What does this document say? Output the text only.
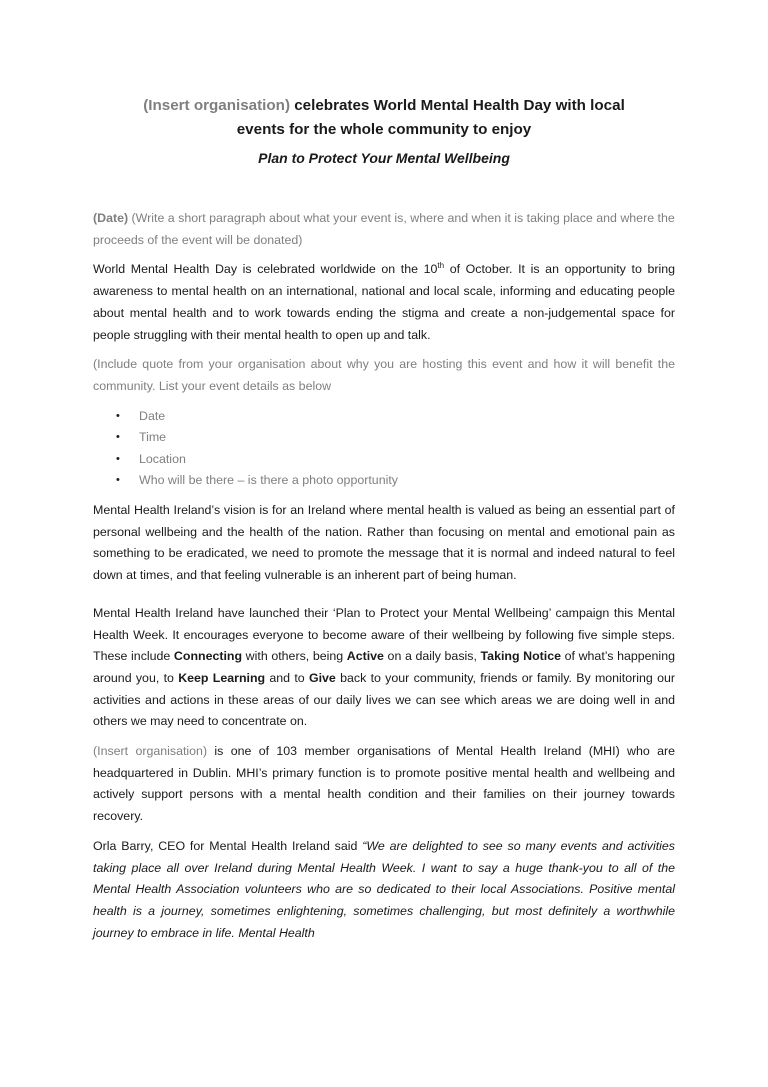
(Insert organisation) celebrates World Mental Health Day with local
events for the whole community to enjoy
Plan to Protect Your Mental Wellbeing

(Date) (Write a short paragraph about what your event is, where and when it is taking place and where the proceeds of the event will be donated)

World Mental Health Day is celebrated worldwide on the 10th of October. It is an opportunity to bring awareness to mental health on an international, national and local scale, informing and educating people about mental health and to work towards ending the stigma and create a non-judgemental space for people struggling with their mental health to open up and talk.

(Include quote from your organisation about why you are hosting this event and how it will benefit the community. List your event details as below

• Date
• Time
• Location
• Who will be there – is there a photo opportunity

Mental Health Ireland’s vision is for an Ireland where mental health is valued as being an essential part of personal wellbeing and the health of the nation. Rather than focusing on mental and emotional pain as something to be eradicated, we need to promote the message that it is normal and indeed natural to feel down at times, and that feeling vulnerable is an inherent part of being human.

Mental Health Ireland have launched their ‘Plan to Protect your Mental Wellbeing’ campaign this Mental Health Week. It encourages everyone to become aware of their wellbeing by following five simple steps. These include Connecting with others, being Active on a daily basis, Taking Notice of what’s happening around you, to Keep Learning and to Give back to your community, friends or family. By monitoring our activities and actions in these areas of our daily lives we can see which areas we are doing well in and others we may need to concentrate on.

(Insert organisation) is one of 103 member organisations of Mental Health Ireland (MHI) who are headquartered in Dublin. MHI’s primary function is to promote positive mental health and wellbeing and actively support persons with a mental health condition and their families on their journey towards recovery.

Orla Barry, CEO for Mental Health Ireland said “We are delighted to see so many events and activities taking place all over Ireland during Mental Health Week. I want to say a huge thank-you to all of the Mental Health Association volunteers who are so dedicated to their local Associations. Positive mental health is a journey, sometimes enlightening, sometimes challenging, but most definitely a worthwhile journey to embrace in life. Mental Health
